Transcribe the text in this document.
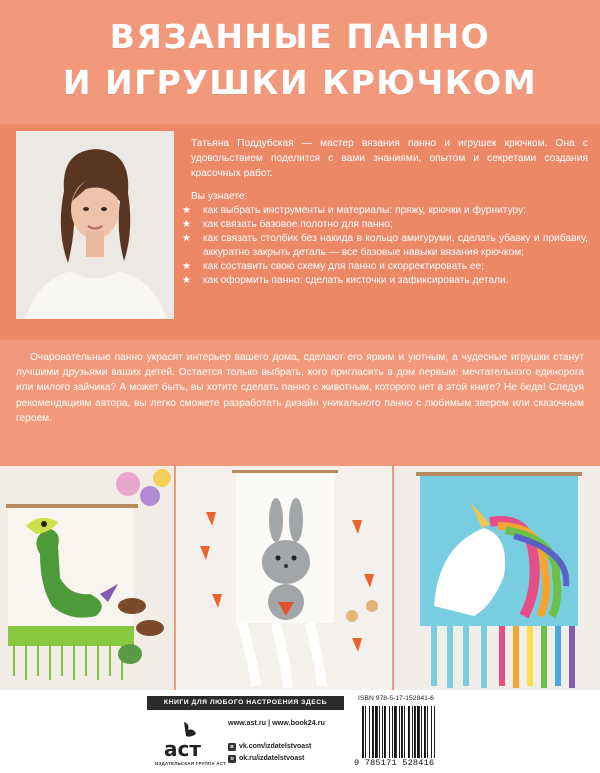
ВЯЗАННЫЕ ПАННО
И ИГРУШКИ КРЮЧКОМ
Татьяна Поддубская — мастер вязания панно и игрушек крючком. Она с удовольствием поделится с вами знаниями, опытом и секретами создания красочных работ.
Вы узнаете:
★ как выбрать инструменты и материалы: пряжу, крючки и фурнитуру;
★ как связать базовое полотно для панно;
★ как связать столбик без накида в кольцо амигуруми, сделать убавку и прибавку, аккуратно закрыть деталь — все базовые навыки вязания крючком;
★ как составить свою схему для панно и скорректировать ее;
★ как оформить панно: сделать кисточки и зафиксировать детали.
Очаровательные панно украсят интерьер вашего дома, сделают его ярким и уютным, а чудесные игрушки станут лучшими друзьями ваших детей. Остается только выбрать, кого пригласить в дом первым: мечтательного единорога или милого зайчика? А может быть, вы хотите сделать панно с животным, которого нет в этой книге? Не беда! Следуя рекомендациям автора, вы легко сможете разработать дизайн уникального панно с любимым зверем или сказочным героем.
КНИГИ ДЛЯ ЛЮБОГО НАСТРОЕНИЯ ЗДЕСЬ
аст
ИЗДАТЕЛЬСКАЯ ГРУППА АСТ
www.ast.ru | www.book24.ru
в vk.com/izdatelstvoast
о ok.ru/izdatelstvoast
ISBN 978-5-17-152841-6
9 785171 528416
